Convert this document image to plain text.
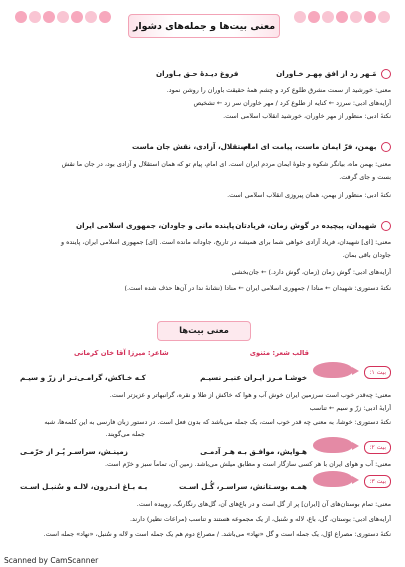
معنی بیت‌ها و جمله‌های دشوار
مَـهر زد از افق مِهـر خـاوران
فروغ دیـدهٔ حـق بـاوران
معنی: خورشید از سمت مشرق طلوع کرد و چشم همهٔ حقیقت باوران را روشن نمود.
آرایه‌های ادبی: سرزد ← کنایه از طلوع کرد / مهر خاوران سر زد ← تشخیص
نکتهٔ ادبی: منظور از مهر خاوران، خورشید انقلاب اسلامی است.
بهمن، فرّ ایمان ماست، پیامت ای امام
استقلال، آزادی، نقش جان ماست
معنی: بهمن ماه، بیانگر شکوه و جلوهٔ ایمان مردم ایران است. ای امام، پیام تو که همان استقلال و آزادی بود، در جان ما نقش
بست و جای گرفت.
نکتهٔ ادبی: منظور از بهمن، همان پیروزی انقلاب اسلامی است.
شهیدان، پیچیده در گوش زمان، فریادتان
پاینده مانی و جاودان، جمهوری اسلامی ایران
معنی: [ای] شهیدان، فریاد آزادی خواهی شما برای همیشه در تاریخ، جاودانه مانده است. [ای] جمهوری اسلامی ایران، پاینده و
جاودان باقی بمان.
آرایه‌های ادبی: گوش زمان (زمان، گوش دارد.) ← جان‌بخشی
نکتهٔ دستوری: شهیدان ← منادا / جمهوری اسلامی ایران ← منادا (نشانهٔ ندا در آن‌ها حذف شده است.)
معنی بیت‌ها
شاعر: میرزا آقا خان کرمانی	قالب شعر: مثنوی
بیت ۱:
بیت ۲:
بیت ۳:
خوشـا مـرز ایـران عنبـر نسیـم
کـه خـاکش، گرامـی‌تـر از زرّ و سیـم
معنی: چه‌قدر خوب است سرزمین ایران خوش آب و هوا که خاکش از طلا و نقره، گرانبهاتر و عزیزتر است.
آرایهٔ ادبی: زرّ و سیم ← تناسب
نکتهٔ دستوری: خوشا، به معنی چه قدر خوب است، یک جمله می‌باشد که بدون فعل است. در دستور زبان فارسی به این کلمه‌ها، شبه
جمله می‌گویند.
هـوایش، موافـق بـه هـر آدمـی
زمینـش، سراسـر پُـر از خرّمـی
معنی: آب و هوای ایران با هر کسی سازگار است و مطابق میلش می‌باشد. زمین آن، تماماً سبز و خرّم است.
همـه بوسـتانش، سراسـر، گُـل اسـت
بـه بـاغ انـدرون، لالـه و سُنبـل اسـت
معنی: تمام بوستان‌های آن [ایران] پر از گل است و در باغ‌های آن، گل‌های رنگارنگ، روییده است.
آرایه‌های ادبی: بوستان، گل، باغ، لاله و سُنبل، از یک مجموعه هستند و تناسب (مراعات نظیر) دارند.
نکتهٔ دستوری: مصراع اوّل، یک جمله است و گل «نهاد» می‌باشد. / مصراع دوم هم یک جمله است و لاله و سُنبل، «نهاد» جمله است.
Scanned by CamScanner
